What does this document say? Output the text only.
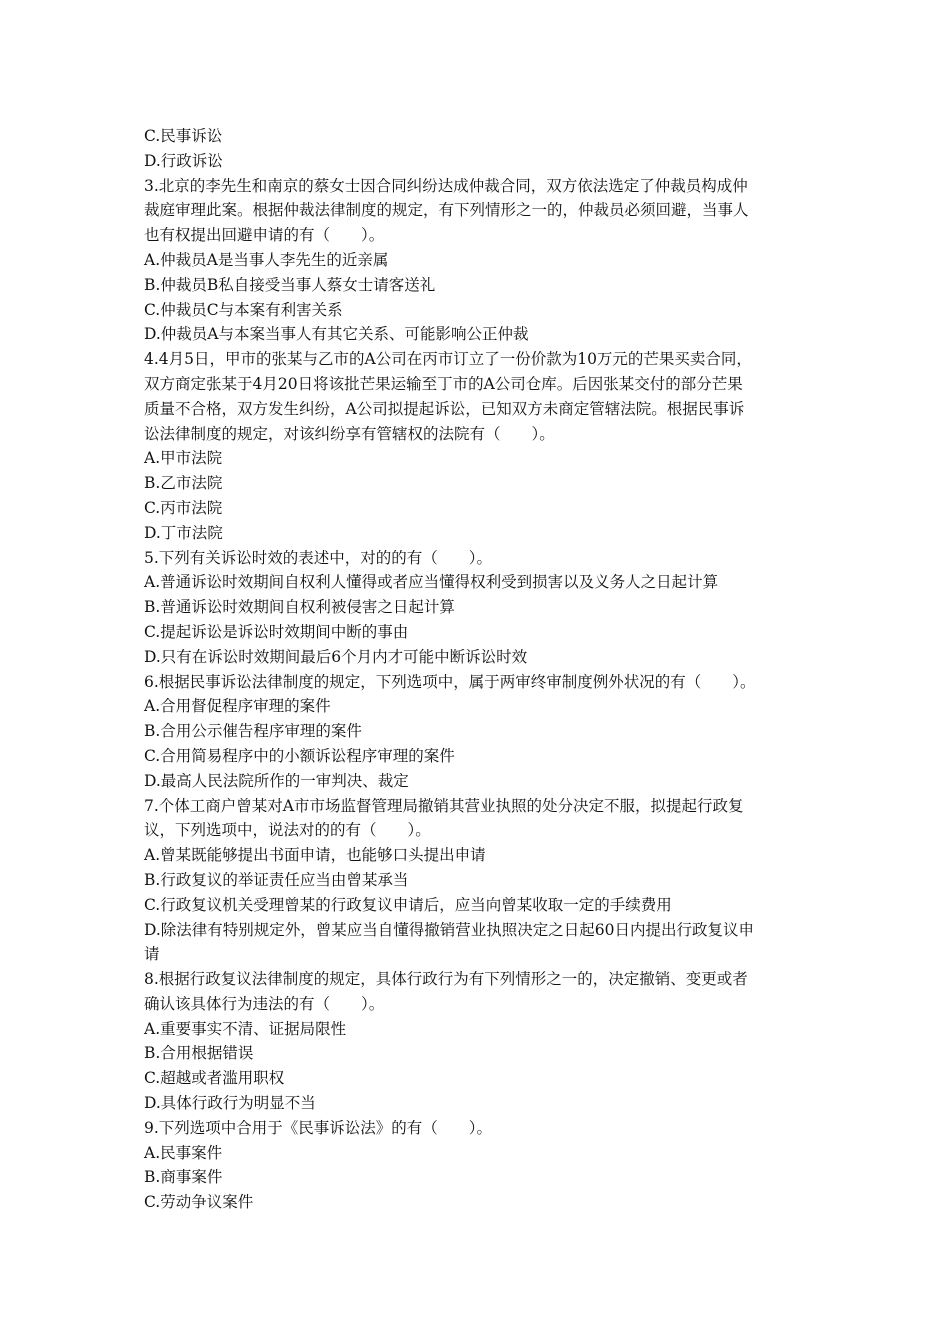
C.民事诉讼
D.行政诉讼
3.北京的李先生和南京的蔡女士因合同纠纷达成仲裁合同，双方依法选定了仲裁员构成仲
裁庭审理此案。根据仲裁法律制度的规定，有下列情形之一的，仲裁员必须回避，当事人
也有权提出回避申请的有（　　）。
A.仲裁员A是当事人李先生的近亲属
B.仲裁员B私自接受当事人蔡女士请客送礼
C.仲裁员C与本案有利害关系
D.仲裁员A与本案当事人有其它关系、可能影响公正仲裁
4.4月5日，甲市的张某与乙市的A公司在丙市订立了一份价款为10万元的芒果买卖合同，
双方商定张某于4月20日将该批芒果运输至丁市的A公司仓库。后因张某交付的部分芒果
质量不合格，双方发生纠纷，A公司拟提起诉讼，已知双方未商定管辖法院。根据民事诉
讼法律制度的规定，对该纠纷享有管辖权的法院有（　　）。
A.甲市法院
B.乙市法院
C.丙市法院
D.丁市法院
5.下列有关诉讼时效的表述中，对的的有（　　）。
A.普通诉讼时效期间自权利人懂得或者应当懂得权利受到损害以及义务人之日起计算
B.普通诉讼时效期间自权利被侵害之日起计算
C.提起诉讼是诉讼时效期间中断的事由
D.只有在诉讼时效期间最后6个月内才可能中断诉讼时效
6.根据民事诉讼法律制度的规定，下列选项中，属于两审终审制度例外状况的有（　　）。
A.合用督促程序审理的案件
B.合用公示催告程序审理的案件
C.合用简易程序中的小额诉讼程序审理的案件
D.最高人民法院所作的一审判决、裁定
7.个体工商户曾某对A市市场监督管理局撤销其营业执照的处分决定不服，拟提起行政复
议，下列选项中，说法对的的有（　　）。
A.曾某既能够提出书面申请，也能够口头提出申请
B.行政复议的举证责任应当由曾某承当
C.行政复议机关受理曾某的行政复议申请后，应当向曾某收取一定的手续费用
D.除法律有特别规定外，曾某应当自懂得撤销营业执照决定之日起60日内提出行政复议申
请
8.根据行政复议法律制度的规定，具体行政行为有下列情形之一的，决定撤销、变更或者
确认该具体行为违法的有（　　）。
A.重要事实不清、证据局限性
B.合用根据错误
C.超越或者滥用职权
D.具体行政行为明显不当
9.下列选项中合用于《民事诉讼法》的有（　　）。
A.民事案件
B.商事案件
C.劳动争议案件
